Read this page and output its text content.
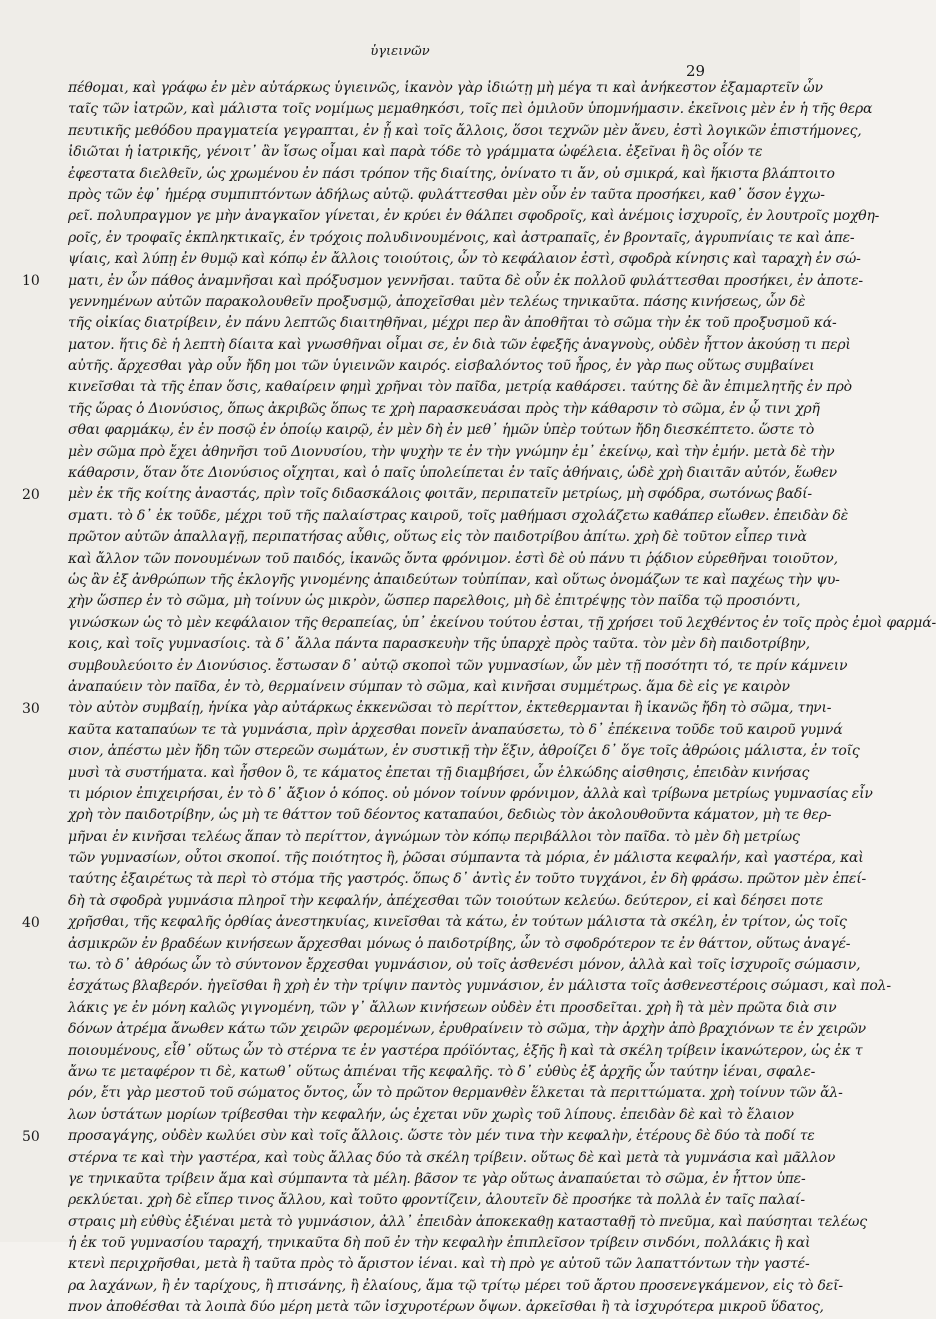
ὑγιεινῶν
29
πέθομαι, καὶ γράφω ἐν μὲν αὐτάρκως ὑγιεινῶς, ἱκανὸν γὰρ ἰδιώτῃ μὴ μέγα τι καὶ ἀνήκεστον ἐξαμαρτεῖν ὧν
ταῖς τῶν ἰατρῶν, καὶ μάλιστα τοῖς νομίμως μεμαθηκόσι, τοῖς πεὶ ὁμιλοῦν ὑπομνήμασιν. ἐκεῖνοις μὲν ἐν ἡ τῆς θερα
πευτικῆς μεθόδου πραγματεία γεγραπται, ἐν ᾗ καὶ τοῖς ἄλλοις, ὅσοι τεχνῶν μὲν ἄνευ, ἐστὶ λογικῶν ἐπιστήμονες,
ἰδιῶται ἡ ἰατρικῆς, γένοιτ᾽ ἂν ἴσως οἶμαι καὶ παρὰ τόδε τὸ γράμματα ὠφέλεια. ἐξεῖναι ἢ ὃς οἷόν τε
ἐφεστατα διελθεῖν, ὡς χρωμένου ἐν πάσι τρόπον τῆς διαίτης, ὀνίνατο τι ἄν, οὐ σμικρά, καὶ ἥκιστα βλάπτοιτο
πρὸς τῶν ἐφ᾽ ἡμέρᾳ συμπιπτόντων ἀδήλως αὐτῷ. φυλάττεσθαι μὲν οὖν ἐν ταῦτα προσήκει, καθ᾽ ὅσον ἐγχω-
ρεῖ. πολυπραγμον γε μὴν ἀναγκαῖον γίνεται, ἐν κρύει ἐν θάλπει σφοδροῖς, καὶ ἀνέμοις ἰσχυροῖς, ἐν λουτροῖς μοχθη-
ροῖς, ἐν τροφαῖς ἐκπληκτικαῖς, ἐν τρόχοις πολυδινουμένοις, καὶ ἀστραπαῖς, ἐν βρονταῖς, ἀγρυπνίαις τε καὶ ἀπε-
ψίαις, καὶ λύπῃ ἐν θυμῷ καὶ κόπῳ ἐν ἄλλοις τοιούτοις, ὧν τὸ κεφάλαιον ἐστὶ, σφοδρὰ κίνησις καὶ ταραχὴ ἐν σώ-
ματι, ἐν ὧν πάθος ἀναμνῆσαι καὶ πρόξυσμον γεννῆσαι. ταῦτα δὲ οὖν ἐκ πολλοῦ φυλάττεσθαι προσήκει, ἐν ἀποτε-
γεννημένων αὐτῶν παρακολουθεῖν προξυσμῷ, ἀποχεῖσθαι μὲν τελέως τηνικαῦτα. πάσης κινήσεως, ὧν δὲ
τῆς οἰκίας διατρίβειν, ἐν πάνυ λεπτῶς διαιτηθῆναι, μέχρι περ ἂν ἀποθῆται τὸ σῶμα τὴν ἐκ τοῦ προξυσμοῦ κά-
ματον. ἥτις δὲ ἡ λεπτὴ δίαιτα καὶ γνωσθῆναι οἶμαι σε, ἐν διὰ τῶν ἐφεξῆς ἀναγνοὺς, οὐδὲν ἧττον ἀκούσῃ τι περὶ
αὐτῆς. ἄρχεσθαι γὰρ οὖν ἤδη μοι τῶν ὑγιεινῶν καιρός. εἰσβαλόντος τοῦ ἦρος, ἐν γὰρ πως οὕτως συμβαίνει
κινεῖσθαι τὰ τῆς ἐπαν ὅσις, καθαίρειν φημὶ χρῆναι τὸν παῖδα, μετρίᾳ καθάρσει. ταύτης δὲ ἂν ἐπιμελητῆς ἐν πρὸ
τῆς ὥρας ὁ Διονύσιος, ὅπως ἀκριβῶς ὅπως τε χρὴ παρασκευάσαι πρὸς τὴν κάθαρσιν τὸ σῶμα, ἐν ᾧ τινι χρῆ
σθαι φαρμάκῳ, ἐν ἐν ποσῷ ἐν ὁποίῳ καιρῷ, ἐν μὲν δὴ ἐν μεθ᾽ ἡμῶν ὑπὲρ τούτων ἤδη διεσκέπτετο. ὥστε τὸ
μὲν σῶμα πρὸ ἔχει ἀθηνῆσι τοῦ Διονυσίου, τὴν ψυχὴν τε ἐν τὴν γνώμην ἐμ᾽ ἐκείνῳ, καὶ τὴν ἐμήν. μετὰ δὲ τὴν
κάθαρσιν, ὅταν ὅτε Διονύσιος οἴχηται, καὶ ὁ παῖς ὑπολείπεται ἐν ταῖς ἀθήναις, ὡδὲ χρὴ διαιτᾶν αὐτόν, ἕωθεν
μὲν ἐκ τῆς κοίτης ἀναστάς, πρὶν τοῖς διδασκάλοις φοιτᾶν, περιπατεῖν μετρίως, μὴ σφόδρα, σωτόνως βαδί-
σματι. τὸ δ᾽ ἐκ τοῦδε, μέχρι τοῦ τῆς παλαίστρας καιροῦ, τοῖς μαθήμασι σχολάζετω καθάπερ εἴωθεν. ἐπειδὰν δὲ
πρῶτον αὐτῶν ἀπαλλαγῇ, περιπατήσας αὖθις, οὕτως εἰς τὸν παιδοτρίβου ἀπίτω. χρὴ δὲ τοῦτον εἶπερ τινὰ
καὶ ἄλλον τῶν πονουμένων τοῦ παιδός, ἱκανῶς ὄντα φρόνιμον. ἐστὶ δὲ οὐ πάνυ τι ῥᾴδιον εὑρεθῆναι τοιοῦτον,
ὡς ἂν ἐξ ἀνθρώπων τῆς ἐκλογῆς γινομένης ἀπαιδεύτων τοὐπίπαν, καὶ οὕτως ὀνομάζων τε καὶ παχέως τὴν ψυ-
χὴν ὥσπερ ἐν τὸ σῶμα, μὴ τοίνυν ὡς μικρὸν, ὥσπερ παρελθοις, μὴ δὲ ἐπιτρέψῃς τὸν παῖδα τῷ προσιόντι,
γινώσκων ὡς τὸ μὲν κεφάλαιον τῆς θεραπείας, ὑπ᾽ ἐκείνου τούτου ἐσται, τῇ χρήσει τοῦ λεχθέντος ἐν τοῖς πρὸς ἐμοὶ φαρμά-
κοις, καὶ τοῖς γυμνασίοις. τὰ δ᾽ ἄλλα πάντα παρασκευὴν τῆς ὑπαρχὲ πρὸς ταῦτα. τὸν μὲν δὴ παιδοτρίβην,
συμβουλεύοιτο ἐν Διονύσιος. ἔστωσαν δ᾽ αὐτῷ σκοποὶ τῶν γυμνασίων, ὧν μὲν τῇ ποσότητι τό, τε πρίν κάμνειν
ἀναπαύειν τὸν παῖδα, ἐν τὸ, θερμαίνειν σύμπαν τὸ σῶμα, καὶ κινῆσαι συμμέτρως. ἅμα δὲ εἰς γε καιρὸν
τὸν αὐτὸν συμβαίῃ, ἡνίκα γὰρ αὐτάρκως ἐκκενῶσαι τὸ περίττον, ἐκτεθερμανται ἢ ἱκανῶς ἤδη τὸ σῶμα, τηνι-
καῦτα καταπαύων τε τὰ γυμνάσια, πρὶν ἀρχεσθαι πονεῖν ἀναπαύσετω, τὸ δ᾽ ἐπέκεινα τοῦδε τοῦ καιροῦ γυμνά
σιον, ἀπέστω μὲν ἤδη τῶν στερεῶν σωμάτων, ἐν συστικῇ τὴν ἕξιν, ἀθροίζει δ᾽ ὅγε τοῖς ἀθρώοις μάλιστα, ἐν τοῖς
μυσὶ τὰ συστήματα. καὶ ἦσθον ὃ, τε κάματος ἐπεται τῇ διαμβήσει, ὧν ἑλκώδης αἰσθησις, ἐπειδὰν κινήσας
τι μόριον ἐπιχειρήσαι, ἐν τὸ δ᾽ ἄξιον ὁ κόπος. οὐ μόνον τοίνυν φρόνιμον, ἀλλὰ καὶ τρίβωνα μετρίως γυμνασίας εἶν
χρὴ τὸν παιδοτρίβην, ὡς μὴ τε θάττον τοῦ δέοντος καταπαύοι, δεδιὼς τὸν ἀκολουθοῦντα κάματον, μὴ τε θερ-
μῆναι ἐν κινῆσαι τελέως ἅπαν τὸ περίττον, ἀγνώμων τὸν κόπῳ περιβάλλοι τὸν παῖδα. τὸ μὲν δὴ μετρίως
τῶν γυμνασίων, οὗτοι σκοποί. τῆς ποιότητος ἢ, ῥῶσαι σύμπαντα τὰ μόρια, ἐν μάλιστα κεφαλήν, καὶ γαστέρα, καὶ
ταύτης ἐξαιρέτως τὰ περὶ τὸ στόμα τῆς γαστρός. ὅπως δ᾽ ἀντὶς ἐν τοῦτο τυγχάνοι, ἐν δὴ φράσω. πρῶτον μὲν ἐπεί-
δὴ τὰ σφοδρὰ γυμνάσια πληροῖ τὴν κεφαλήν, ἀπέχεσθαι τῶν τοιούτων κελεύω. δεύτερον, εἰ καὶ δέησει ποτε
χρῆσθαι, τῆς κεφαλῆς ὀρθίας ἀνεστηκυίας, κινεῖσθαι τὰ κάτω, ἐν τούτων μάλιστα τὰ σκέλη, ἐν τρίτον, ὡς τοῖς
ἀσμικρῶν ἐν βραδέων κινήσεων ἄρχεσθαι μόνως ὁ παιδοτρίβης, ὧν τὸ σφοδρότερον τε ἐν θάττον, οὕτως ἀναγέ-
τω. τὸ δ᾽ ἀθρόως ὧν τὸ σύντονον ἔρχεσθαι γυμνάσιον, οὐ τοῖς ἀσθενέσι μόνον, ἀλλὰ καὶ τοῖς ἰσχυροῖς σώμασιν,
ἐσχάτως βλαβερόν. ἠγεῖσθαι ἢ χρὴ ἐν τὴν τρίψιν παντὸς γυμνάσιον, ἐν μάλιστα τοῖς ἀσθενεστέροις σώμασι, καὶ πολ-
λάκις γε ἐν μόνη καλῶς γιγνομένη, τῶν γ᾽ ἄλλων κινήσεων οὐδὲν ἐτι προσδεῖται. χρὴ ἢ τὰ μὲν πρῶτα διὰ σιν
δόνων ἀτρέμα ἄνωθεν κάτω τῶν χειρῶν φερομένων, ἐρυθραίνειν τὸ σῶμα, τὴν ἀρχὴν ἀπὸ βραχιόνων τε ἐν χειρῶν
ποιουμένους, εἶθ᾽ οὕτως ὧν τὸ στέρνα τε ἐν γαστέρα πρόϊόντας, ἑξῆς ἢ καὶ τὰ σκέλη τρίβειν ἱκανώτερον, ὡς ἐκ τ
ἄνω τε μεταφέρον τι δὲ, κατωθ᾽ οὕτως ἀπιέναι τῆς κεφαλῆς. τὸ δ᾽ εὐθὺς ἐξ ἀρχῆς ὧν ταύτην ἰέναι, σφαλε-
ρόν, ἔτι γὰρ μεστοῦ τοῦ σώματος ὄντος, ὧν τὸ πρῶτον θερμανθὲν ἕλκεται τὰ περιττώματα. χρὴ τοίνυν τῶν ἄλ-
λων ὑστάτων μορίων τρίβεσθαι τὴν κεφαλήν, ὡς ἐχεται νῦν χωρὶς τοῦ λίπους. ἐπειδὰν δὲ καὶ τὸ ἔλαιον
προσαγάγης, οὐδὲν κωλύει σὺν καὶ τοῖς ἄλλοις. ὥστε τὸν μέν τινα τὴν κεφαλὴν, ἑτέρους δὲ δύο τὰ ποδί τε
στέρνα τε καὶ τὴν γαστέρα, καὶ τοὺς ἄλλας δύο τὰ σκέλη τρίβειν. οὕτως δὲ καὶ μετὰ τὰ γυμνάσια καὶ μᾶλλον
γε τηνικαῦτα τρίβειν ἅμα καὶ σύμπαντα τὰ μέλη. βᾶσον τε γὰρ οὕτως ἀναπαύεται τὸ σῶμα, ἐν ἧττον ὑπε-
ρεκλύεται. χρὴ δὲ εἴπερ τινος ἄλλου, καὶ τοῦτο φροντίζειν, ἀλουτεῖν δὲ προσήκε τὰ πολλὰ ἐν ταῖς παλαί-
στραις μὴ εὐθὺς ἐξιέναι μετὰ τὸ γυμνάσιον, ἀλλ᾽ ἐπειδὰν ἀποκεκαθῃ κατασταθῇ τὸ πνεῦμα, καὶ παύσηται τελέως
ἡ ἐκ τοῦ γυμνασίου ταραχή, τηνικαῦτα δὴ ποῦ ἐν τὴν κεφαλὴν ἐπιπλεῖσον τρίβειν σινδόνι, πολλάκις ἢ καὶ
κτενὶ περιχρῆσθαι, μετὰ ἢ ταῦτα πρὸς τὸ ἄριστον ἰέναι. καὶ τὴ πρὸ γε αὐτοῦ τῶν λαπαττόντων τὴν γαστέ-
ρα λαχάνων, ἢ ἐν ταρίχους, ἢ πτισάνης, ἢ ἐλαίους, ἅμα τῷ τρίτῳ μέρει τοῦ ἄρτου προσενεγκάμενον, εἰς τὸ δεῖ-
πνον ἀποθέσθαι τὰ λοιπὰ δύο μέρη μετὰ τῶν ἰσχυροτέρων ὄψων. ἀρκεῖσθαι ἢ τὰ ἰσχυρότερα μικροῦ ὕδατος,
10
20
30
40
50
